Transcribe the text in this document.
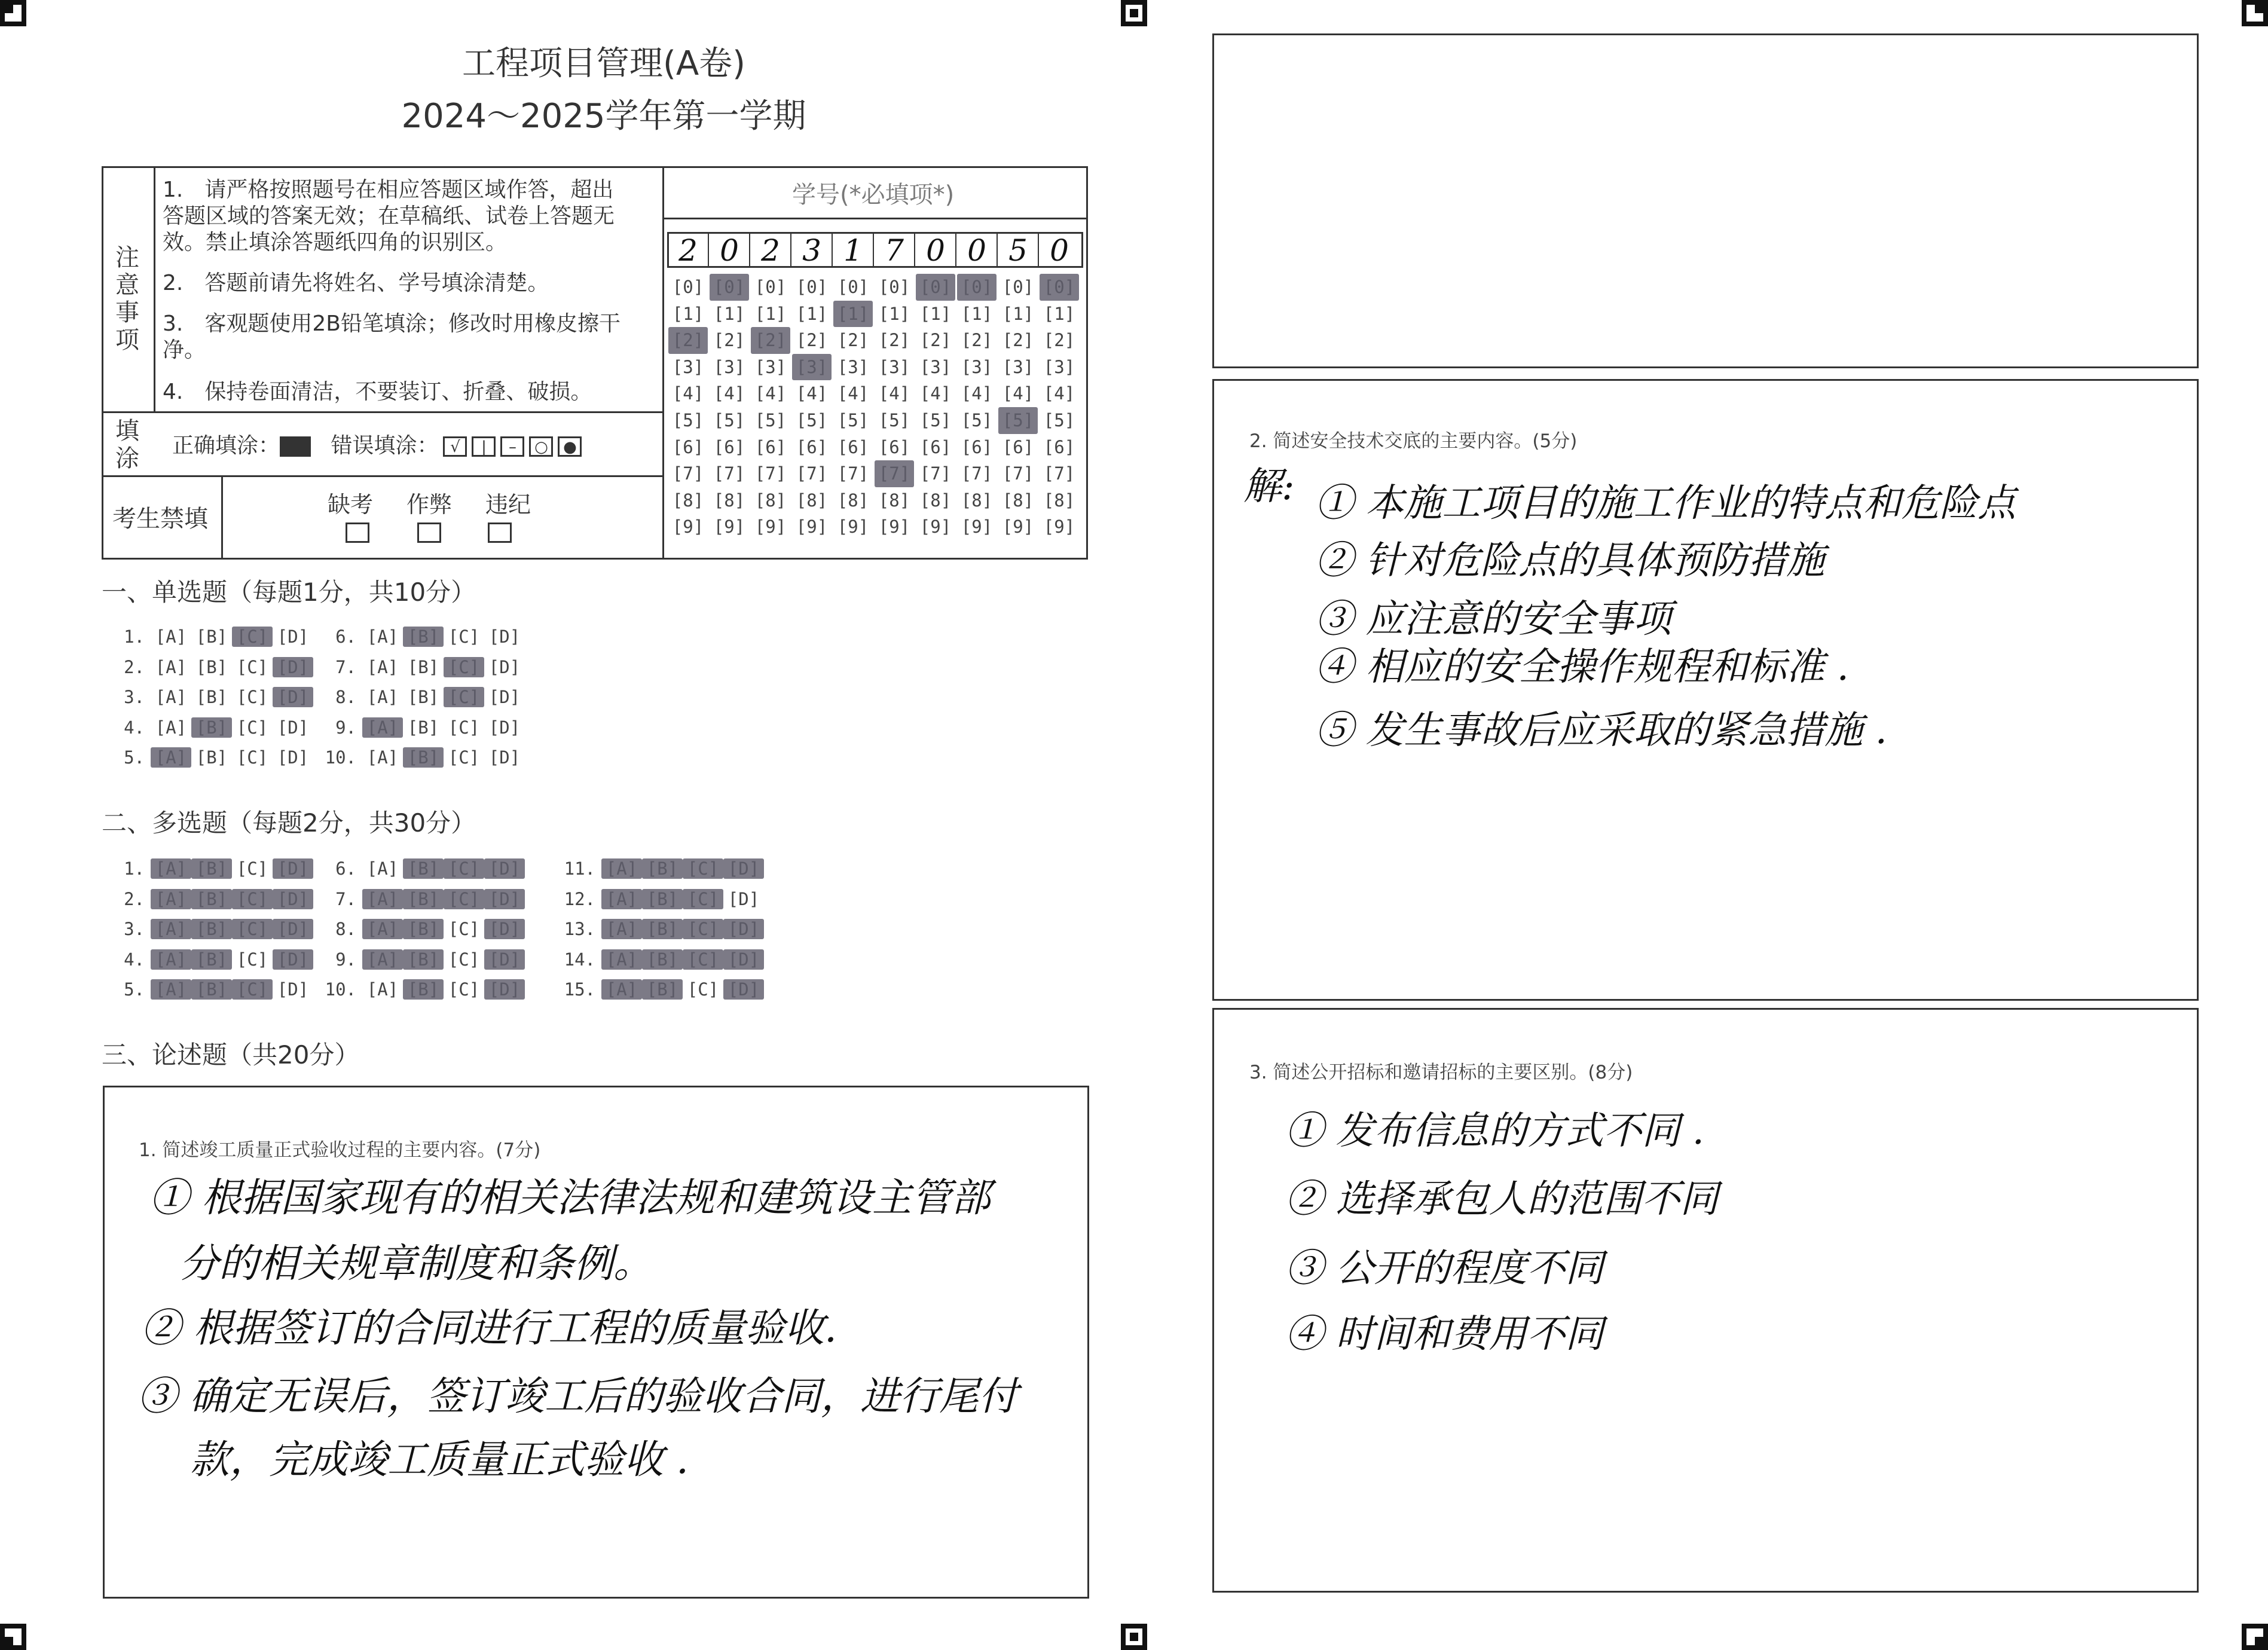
工程项目管理(A卷)
2024～2025学年第一学期
注意事项
1.　请严格按照题号在相应答题区域作答，超出答题区域的答案无效；在草稿纸、试卷上答题无效。禁止填涂答题纸四角的识别区。
2.　答题前请先将姓名、学号填涂清楚。
3.　客观题使用2B铅笔填涂；修改时用橡皮擦干净。
4.　保持卷面清洁，不要装订、折叠、破损。
填涂 正确填涂： 错误填涂： √ | – ○ ●
考生禁填
缺考 作弊 违纪

学号(*必填项*)
2 0 2 3 1 7 0 0 5 0
[0]
[1]
[2]
[3]
[4]
[5]
[6]
[7]
[8]
[9]
[0]
[1]
[2]
[3]
[4]
[5]
[6]
[7]
[8]
[9]
[0]
[1]
[2]
[3]
[4]
[5]
[6]
[7]
[8]
[9]
[0]
[1]
[2]
[3]
[4]
[5]
[6]
[7]
[8]
[9]
[0]
[1]
[2]
[3]
[4]
[5]
[6]
[7]
[8]
[9]
[0]
[1]
[2]
[3]
[4]
[5]
[6]
[7]
[8]
[9]
[0]
[1]
[2]
[3]
[4]
[5]
[6]
[7]
[8]
[9]
[0]
[1]
[2]
[3]
[4]
[5]
[6]
[7]
[8]
[9]
[0]
[1]
[2]
[3]
[4]
[5]
[6]
[7]
[8]
[9]
[0]
[1]
[2]
[3]
[4]
[5]
[6]
[7]
[8]
[9]
一、单选题（每题1分，共10分）
1. [A] [B] [C] [D]
2. [A] [B] [C] [D]
3. [A] [B] [C] [D]
4. [A] [B] [C] [D]
5. [A] [B] [C] [D]
6. [A] [B] [C] [D]
7. [A] [B] [C] [D]
8. [A] [B] [C] [D]
9. [A] [B] [C] [D]
10. [A] [B] [C] [D]
二、多选题（每题2分，共30分）
1. [A] [B] [C] [D]
2. [A] [B] [C] [D]
3. [A] [B] [C] [D]
4. [A] [B] [C] [D]
5. [A] [B] [C] [D]
6. [A] [B] [C] [D]
7. [A] [B] [C] [D]
8. [A] [B] [C] [D]
9. [A] [B] [C] [D]
10. [A] [B] [C] [D]
11. [A] [B] [C] [D]
12. [A] [B] [C] [D]
13. [A] [B] [C] [D]
14. [A] [B] [C] [D]
15. [A] [B] [C] [D]
三、论述题（共20分）
1. 简述竣工质量正式验收过程的主要内容。(7分)
① 根据国家现有的相关法律法规和建筑设主管部
分的相关规章制度和条例。
② 根据签订的合同进行工程的质量验收.
③ 确定无误后，签订竣工后的验收合同，进行尾付
款，完成竣工质量正式验收 .
2. 简述安全技术交底的主要内容。(5分)
解: ① 本施工项目的施工作业的特点和危险点
② 针对危险点的具体预防措施
③ 应注意的安全事项
④ 相应的安全操作规程和标准 .
⑤ 发生事故后应采取的紧急措施 .
3. 简述公开招标和邀请招标的主要区别。(8分)
① 发布信息的方式不同 .
② 选择承包人的范围不同
③ 公开的程度不同
④ 时间和费用不同
